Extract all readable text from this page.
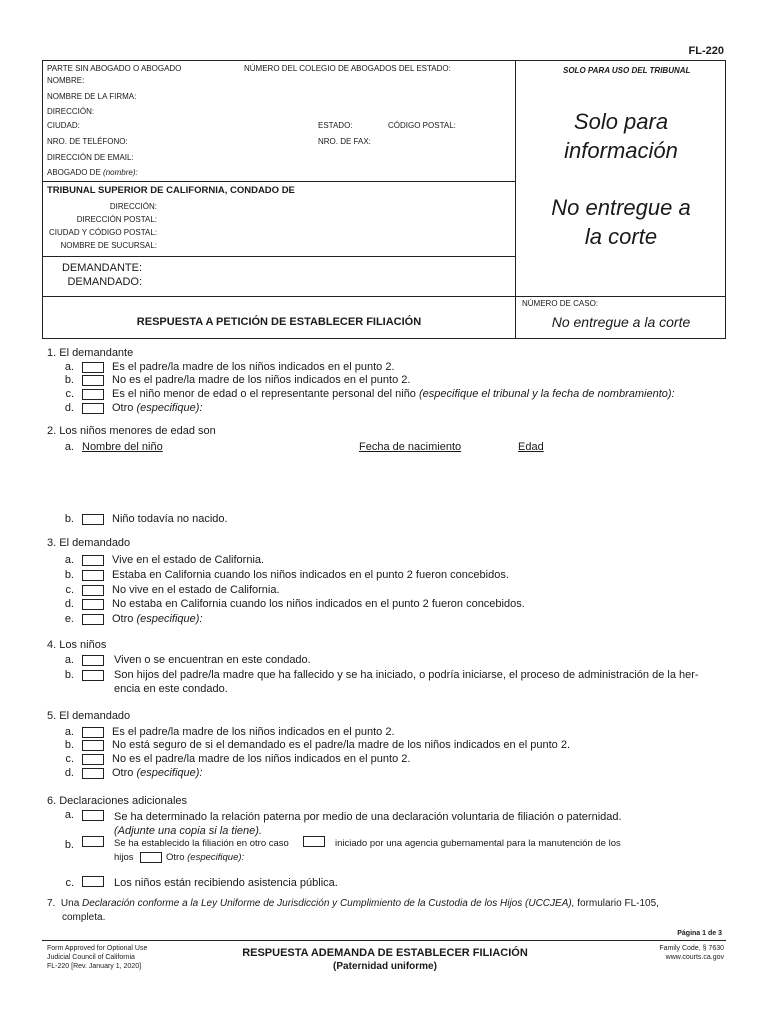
FL-220
PARTE SIN ABOGADO O ABOGADO	NÚMERO DEL COLEGIO DE ABOGADOS DEL ESTADO:	SOLO PARA USO DEL TRIBUNAL
NOMBRE:
NOMBRE DE LA FIRMA:
DIRECCIÓN:
CIUDAD:	ESTADO:	CÓDIGO POSTAL:
NRO. DE TELÉFONO:	NRO. DE FAX:
DIRECCIÓN DE EMAIL:
ABOGADO DE (nombre):
TRIBUNAL SUPERIOR DE CALIFORNIA, CONDADO DE
DIRECCIÓN:
DIRECCIÓN POSTAL:
CIUDAD Y CÓDIGO POSTAL:
NOMBRE DE SUCURSAL:
DEMANDANTE:
DEMANDADO:
NÚMERO DE CASO:
RESPUESTA A PETICIÓN DE ESTABLECER FILIACIÓN
Solo para
información
No entregue a
la corte
No entregue a la corte
1. El demandante
a.	Es el padre/la madre de los niños indicados en el punto 2.
b.	No es el padre/la madre de los niños indicados en el punto 2.
c.	Es el niño menor de edad o el representante personal del niño (especifique el tribunal y la fecha de nombramiento):
d.	Otro (especifique):
2. Los niños menores de edad son
a. Nombre del niño	Fecha de nacimiento	Edad
b.	Niño todavía no nacido.
3. El demandado
a.	Vive en el estado de California.
b.	Estaba en California cuando los niños indicados en el punto 2 fueron concebidos.
c.	No vive en el estado de California.
d.	No estaba en California cuando los niños indicados en el punto 2 fueron concebidos.
e.	Otro (especifique):
4. Los niños
a.	Viven o se encuentran en este condado.
b.	Son hijos del padre/la madre que ha fallecido y se ha iniciado, o podría iniciarse, el proceso de administración de la her-
encia en este condado.
5. El demandado
a.	Es el padre/la madre de los niños indicados en el punto 2.
b.	No está seguro de si el demandado es el padre/la madre de los niños indicados en el punto 2.
c.	No es el padre/la madre de los niños indicados en el punto 2.
d.	Otro (especifique):
6. Declaraciones adicionales
a.	Se ha determinado la relación paterna por medio de una declaración voluntaria de filiación o paternidad.
(Adjunte una copia si la tiene).
b.	Se ha establecido la filiación en otro caso	iniciado por una agencia gubernamental para la manutención de los
hijos	Otro (especifique):
c.	Los niños están recibiendo asistencia pública.
7. Una Declaración conforme a la Ley Uniforme de Jurisdicción y Cumplimiento de la Custodia de los Hijos (UCCJEA), formulario FL-105,
completa.
Página 1 de 3
Form Approved for Optional Use
Judicial Council of California
FL-220 [Rev. January 1, 2020]
RESPUESTA ADEMANDA DE ESTABLECER FILIACIÓN
(Paternidad uniforme)
Family Code, § 7630
www.courts.ca.gov
